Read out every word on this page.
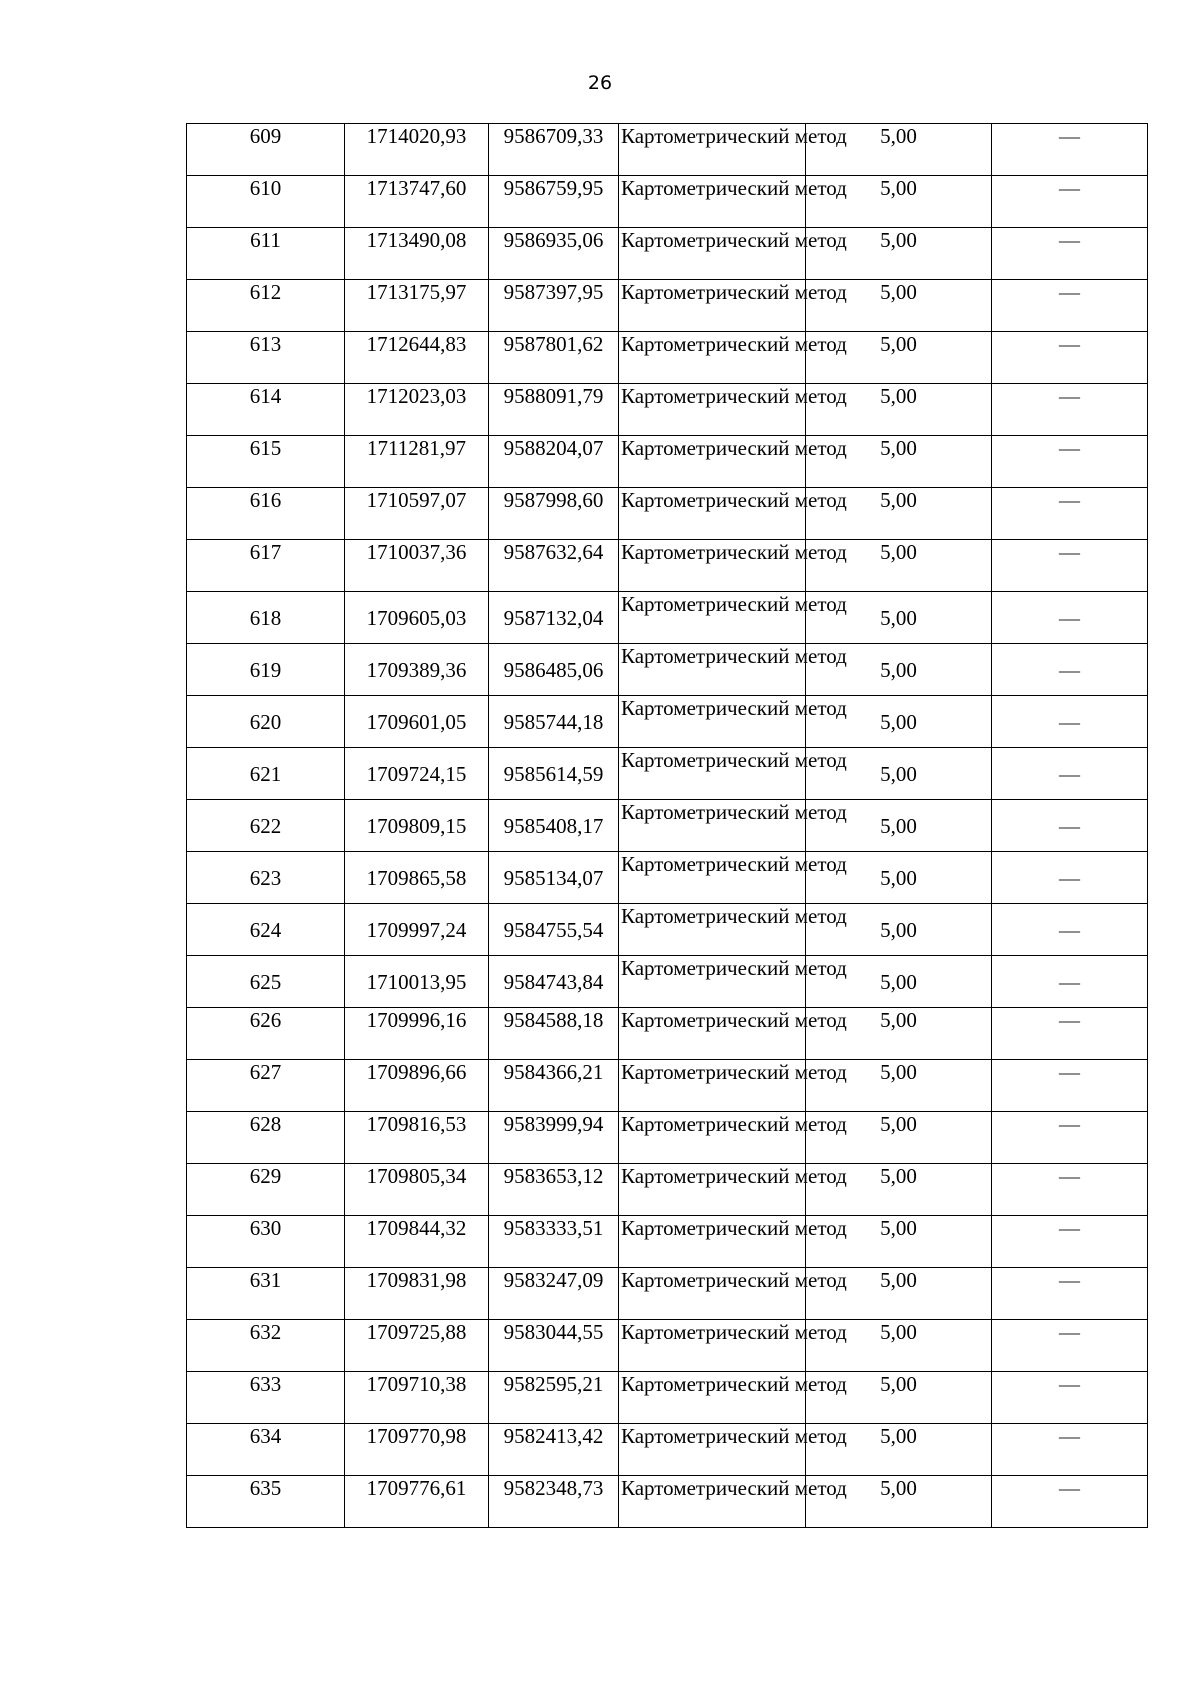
26
609	1714020,93	9586709,33	Картометрический метод	5,00	—
610	1713747,60	9586759,95	Картометрический метод	5,00	—
611	1713490,08	9586935,06	Картометрический метод	5,00	—
612	1713175,97	9587397,95	Картометрический метод	5,00	—
613	1712644,83	9587801,62	Картометрический метод	5,00	—
614	1712023,03	9588091,79	Картометрический метод	5,00	—
615	1711281,97	9588204,07	Картометрический метод	5,00	—
616	1710597,07	9587998,60	Картометрический метод	5,00	—
617	1710037,36	9587632,64	Картометрический метод	5,00	—
618	1709605,03	9587132,04	Картометрический метод	5,00	—
619	1709389,36	9586485,06	Картометрический метод	5,00	—
620	1709601,05	9585744,18	Картометрический метод	5,00	—
621	1709724,15	9585614,59	Картометрический метод	5,00	—
622	1709809,15	9585408,17	Картометрический метод	5,00	—
623	1709865,58	9585134,07	Картометрический метод	5,00	—
624	1709997,24	9584755,54	Картометрический метод	5,00	—
625	1710013,95	9584743,84	Картометрический метод	5,00	—
626	1709996,16	9584588,18	Картометрический метод	5,00	—
627	1709896,66	9584366,21	Картометрический метод	5,00	—
628	1709816,53	9583999,94	Картометрический метод	5,00	—
629	1709805,34	9583653,12	Картометрический метод	5,00	—
630	1709844,32	9583333,51	Картометрический метод	5,00	—
631	1709831,98	9583247,09	Картометрический метод	5,00	—
632	1709725,88	9583044,55	Картометрический метод	5,00	—
633	1709710,38	9582595,21	Картометрический метод	5,00	—
634	1709770,98	9582413,42	Картометрический метод	5,00	—
635	1709776,61	9582348,73	Картометрический метод	5,00	—
